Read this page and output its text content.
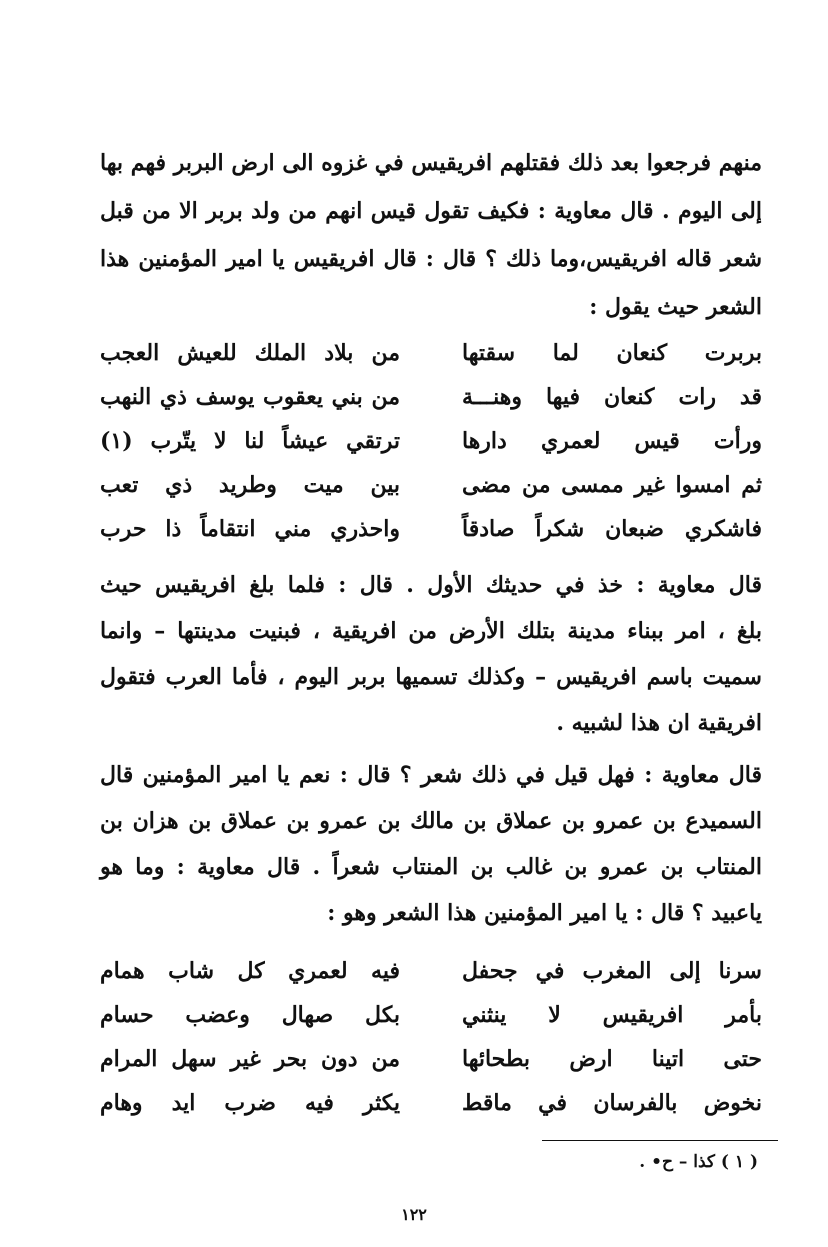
منهم فرجعوا بعد ذلك فقتلهم افريقيس في غزوه الى ارض البربر فهم بها
إلى اليوم . قال معاوية : فكيف تقول قيس انهم من ولد بربر الا من قبل
شعر قاله افريقيس،وما ذلك ؟ قال : قال افريقيس يا امير المؤمنين هذا
الشعر حيث يقول :
بربرت كنعان لما سقتها
من بلاد الملك للعيش العجب
قد رات كنعان فيها وهنـــة
من بني يعقوب يوسف ذي النهب
ورأت قيس لعمري دارها
ترتقي عيشاً لنا لا يتّرب (١)
ثم امسوا غير ممسى من مضى
بين ميت وطريد ذي تعب
فاشكري ضبعان شكراً صادقاً
واحذري مني انتقاماً ذا حرب
قال معاوية : خذ في حديثك الأول . قال : فلما بلغ افريقيس حيث
بلغ ، امر ببناء مدينة بتلك الأرض من افريقية ، فبنيت مدينتها – وانما
سميت باسم افريقيس – وكذلك تسميها بربر اليوم ، فأما العرب فتقول
افريقية ان هذا لشبيه .
قال معاوية : فهل قيل في ذلك شعر ؟ قال : نعم يا امير المؤمنين قال
السميدع بن عمرو بن عملاق بن مالك بن عمرو بن عملاق بن هزان بن
المنتاب بن عمرو بن غالب بن المنتاب شعراً . قال معاوية : وما هو
ياعبيد ؟ قال : يا امير المؤمنين هذا الشعر وهو :
سرنا إلى المغرب في جحفل
فيه لعمري كل شاب همام
بأمر افريقيس لا ينثني
بكل صهال وعضب حسام
حتى اتينا ارض بطحائها
من دون بحر غير سهل المرام
نخوض بالفرسان في ماقط
يكثر فيه ضرب ايد وهام
( ١ ) كذا – ح• .
١٢٢
